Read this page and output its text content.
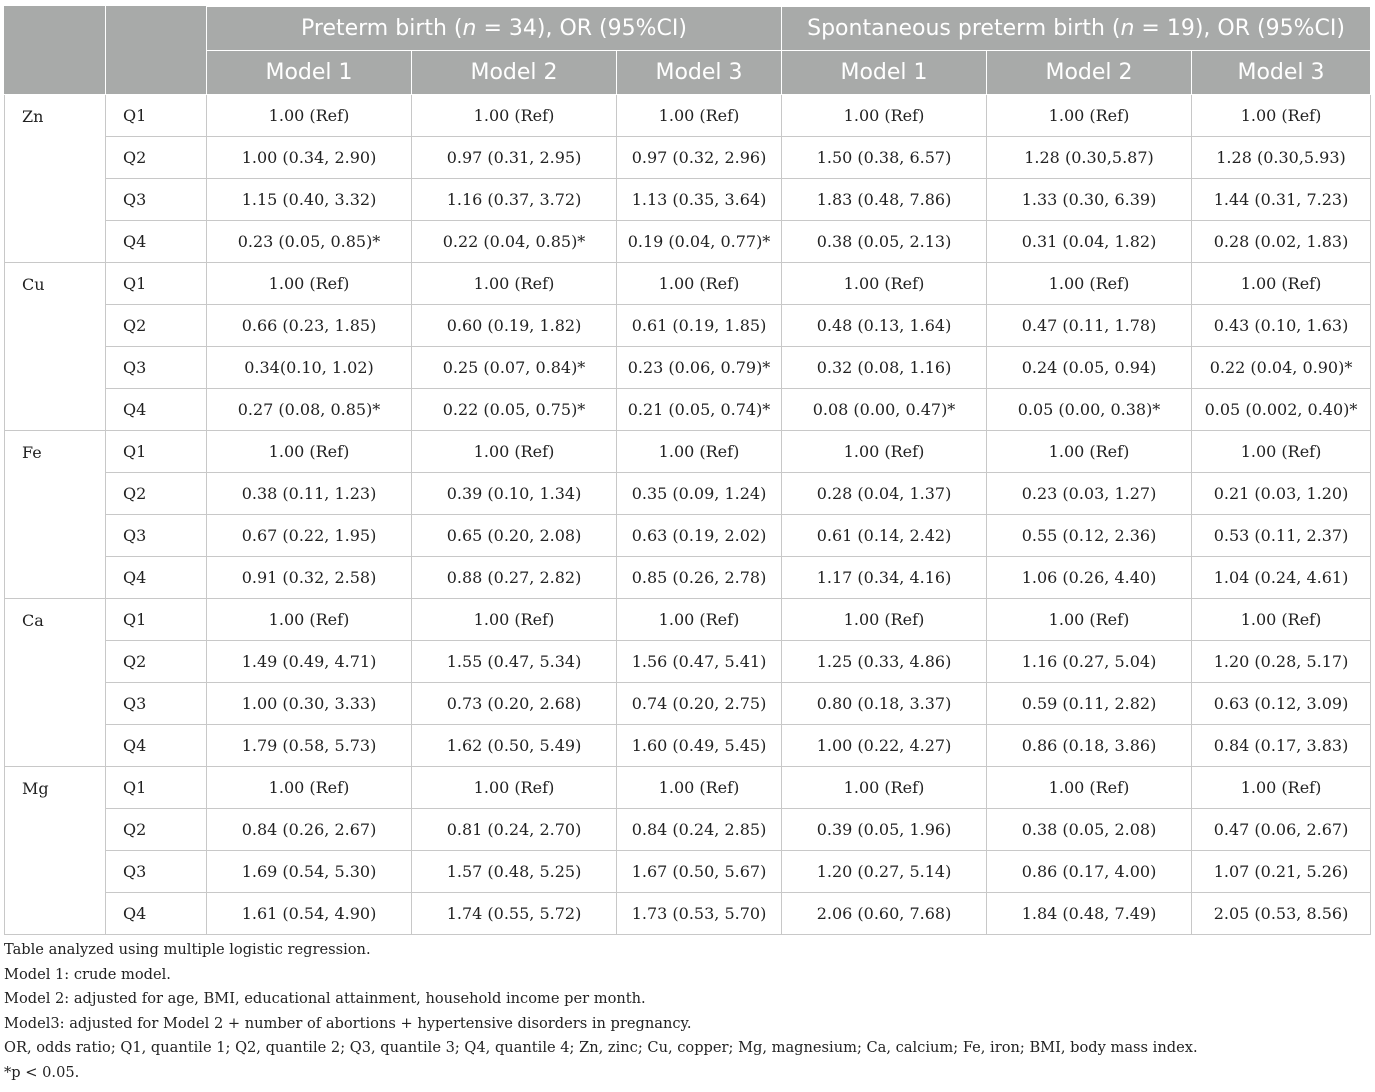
		Preterm birth (n = 34), OR (95%CI)			Spontaneous preterm birth (n = 19), OR (95%CI)		
		Model 1	Model 2	Model 3	Model 1	Model 2	Model 3
Zn	Q1	1.00 (Ref)	1.00 (Ref)	1.00 (Ref)	1.00 (Ref)	1.00 (Ref)	1.00 (Ref)
	Q2	1.00 (0.34, 2.90)	0.97 (0.31, 2.95)	0.97 (0.32, 2.96)	1.50 (0.38, 6.57)	1.28 (0.30,5.87)	1.28 (0.30,5.93)
	Q3	1.15 (0.40, 3.32)	1.16 (0.37, 3.72)	1.13 (0.35, 3.64)	1.83 (0.48, 7.86)	1.33 (0.30, 6.39)	1.44 (0.31, 7.23)
	Q4	0.23 (0.05, 0.85)*	0.22 (0.04, 0.85)*	0.19 (0.04, 0.77)*	0.38 (0.05, 2.13)	0.31 (0.04, 1.82)	0.28 (0.02, 1.83)
Cu	Q1	1.00 (Ref)	1.00 (Ref)	1.00 (Ref)	1.00 (Ref)	1.00 (Ref)	1.00 (Ref)
	Q2	0.66 (0.23, 1.85)	0.60 (0.19, 1.82)	0.61 (0.19, 1.85)	0.48 (0.13, 1.64)	0.47 (0.11, 1.78)	0.43 (0.10, 1.63)
	Q3	0.34(0.10, 1.02)	0.25 (0.07, 0.84)*	0.23 (0.06, 0.79)*	0.32 (0.08, 1.16)	0.24 (0.05, 0.94)	0.22 (0.04, 0.90)*
	Q4	0.27 (0.08, 0.85)*	0.22 (0.05, 0.75)*	0.21 (0.05, 0.74)*	0.08 (0.00, 0.47)*	0.05 (0.00, 0.38)*	0.05 (0.002, 0.40)*
Fe	Q1	1.00 (Ref)	1.00 (Ref)	1.00 (Ref)	1.00 (Ref)	1.00 (Ref)	1.00 (Ref)
	Q2	0.38 (0.11, 1.23)	0.39 (0.10, 1.34)	0.35 (0.09, 1.24)	0.28 (0.04, 1.37)	0.23 (0.03, 1.27)	0.21 (0.03, 1.20)
	Q3	0.67 (0.22, 1.95)	0.65 (0.20, 2.08)	0.63 (0.19, 2.02)	0.61 (0.14, 2.42)	0.55 (0.12, 2.36)	0.53 (0.11, 2.37)
	Q4	0.91 (0.32, 2.58)	0.88 (0.27, 2.82)	0.85 (0.26, 2.78)	1.17 (0.34, 4.16)	1.06 (0.26, 4.40)	1.04 (0.24, 4.61)
Ca	Q1	1.00 (Ref)	1.00 (Ref)	1.00 (Ref)	1.00 (Ref)	1.00 (Ref)	1.00 (Ref)
	Q2	1.49 (0.49, 4.71)	1.55 (0.47, 5.34)	1.56 (0.47, 5.41)	1.25 (0.33, 4.86)	1.16 (0.27, 5.04)	1.20 (0.28, 5.17)
	Q3	1.00 (0.30, 3.33)	0.73 (0.20, 2.68)	0.74 (0.20, 2.75)	0.80 (0.18, 3.37)	0.59 (0.11, 2.82)	0.63 (0.12, 3.09)
	Q4	1.79 (0.58, 5.73)	1.62 (0.50, 5.49)	1.60 (0.49, 5.45)	1.00 (0.22, 4.27)	0.86 (0.18, 3.86)	0.84 (0.17, 3.83)
Mg	Q1	1.00 (Ref)	1.00 (Ref)	1.00 (Ref)	1.00 (Ref)	1.00 (Ref)	1.00 (Ref)
	Q2	0.84 (0.26, 2.67)	0.81 (0.24, 2.70)	0.84 (0.24, 2.85)	0.39 (0.05, 1.96)	0.38 (0.05, 2.08)	0.47 (0.06, 2.67)
	Q3	1.69 (0.54, 5.30)	1.57 (0.48, 5.25)	1.67 (0.50, 5.67)	1.20 (0.27, 5.14)	0.86 (0.17, 4.00)	1.07 (0.21, 5.26)
	Q4	1.61 (0.54, 4.90)	1.74 (0.55, 5.72)	1.73 (0.53, 5.70)	2.06 (0.60, 7.68)	1.84 (0.48, 7.49)	2.05 (0.53, 8.56)
Table analyzed using multiple logistic regression.
Model 1: crude model.
Model 2: adjusted for age, BMI, educational attainment, household income per month.
Model3: adjusted for Model 2 + number of abortions + hypertensive disorders in pregnancy.
OR, odds ratio; Q1, quantile 1; Q2, quantile 2; Q3, quantile 3; Q4, quantile 4; Zn, zinc; Cu, copper; Mg, magnesium; Ca, calcium; Fe, iron; BMI, body mass index.
*p < 0.05.
